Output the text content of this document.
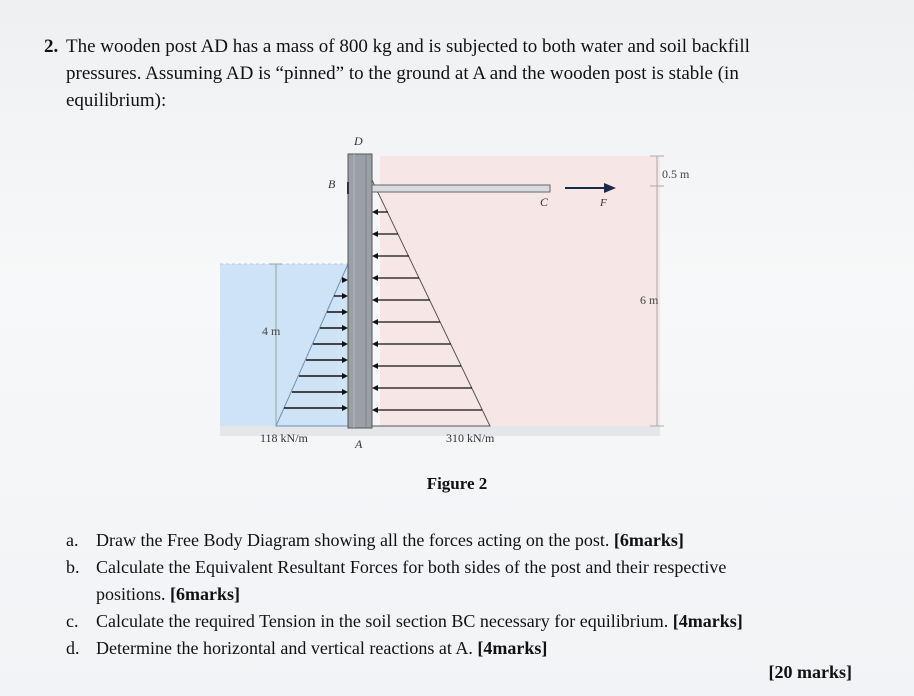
2. The wooden post AD has a mass of 800 kg and is subjected to both water and soil backfill
pressures. Assuming AD is “pinned” to the ground at A and the wooden post is stable (in
equilibrium):
D
B
C	F
0.5 m
6 m
4 m
118 kN/m	A	310 kN/m
Figure 2
a. Draw the Free Body Diagram showing all the forces acting on the post. [6marks]
b. Calculate the Equivalent Resultant Forces for both sides of the post and their respective
positions. [6marks]
c. Calculate the required Tension in the soil section BC necessary for equilibrium. [4marks]
d. Determine the horizontal and vertical reactions at A. [4marks]
[20 marks]
